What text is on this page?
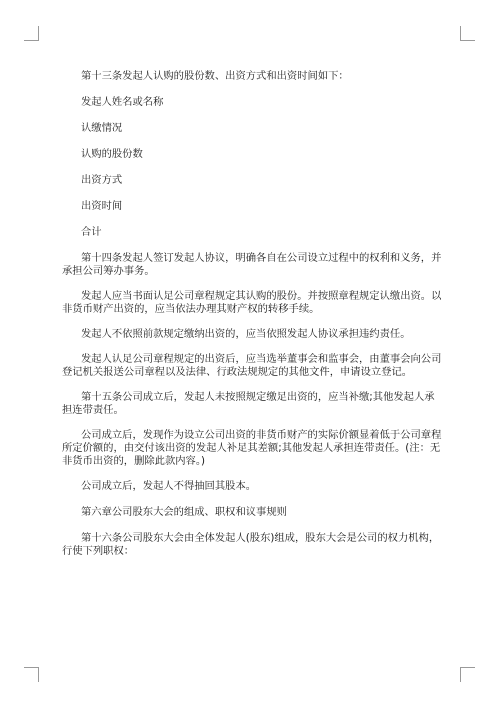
第十三条发起人认购的股份数、出资方式和出资时间如下：

发起人姓名或名称

认缴情况

认购的股份数

出资方式

出资时间

合计

第十四条发起人签订发起人协议，明确各自在公司设立过程中的权利和义务，并承担公司筹办事务。

发起人应当书面认足公司章程规定其认购的股份。并按照章程规定认缴出资。以非货币财产出资的，应当依法办理其财产权的转移手续。

发起人不依照前款规定缴纳出资的，应当依照发起人协议承担违约责任。

发起人认足公司章程规定的出资后，应当选举董事会和监事会，由董事会向公司登记机关报送公司章程以及法律、行政法规规定的其他文件，申请设立登记。

第十五条公司成立后，发起人未按照规定缴足出资的，应当补缴;其他发起人承担连带责任。

公司成立后，发现作为设立公司出资的非货币财产的实际价额显着低于公司章程所定价额的，由交付该出资的发起人补足其差额;其他发起人承担连带责任。(注：无非货币出资的，删除此款内容。)

公司成立后，发起人不得抽回其股本。

第六章公司股东大会的组成、职权和议事规则

第十六条公司股东大会由全体发起人(股东)组成，股东大会是公司的权力机构，行使下列职权：
